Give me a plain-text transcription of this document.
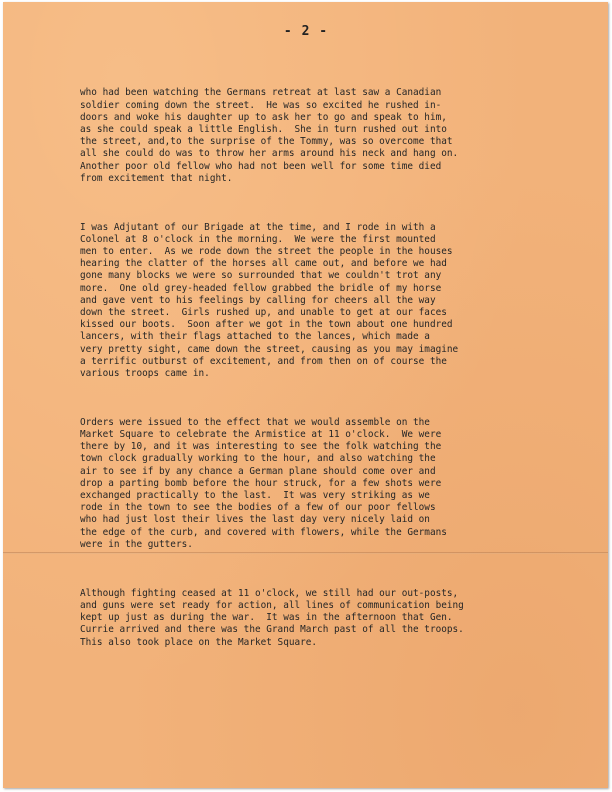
- 2 -

who had been watching the Germans retreat at last saw a Canadian
soldier coming down the street.  He was so excited he rushed in-
doors and woke his daughter up to ask her to go and speak to him,
as she could speak a little English.  She in turn rushed out into
the street, and,to the surprise of the Tommy, was so overcome that
all she could do was to throw her arms around his neck and hang on.
Another poor old fellow who had not been well for some time died
from excitement that night.

I was Adjutant of our Brigade at the time, and I rode in with a
Colonel at 8 o'clock in the morning.  We were the first mounted
men to enter.  As we rode down the street the people in the houses
hearing the clatter of the horses all came out, and before we had
gone many blocks we were so surrounded that we couldn't trot any
more.  One old grey-headed fellow grabbed the bridle of my horse
and gave vent to his feelings by calling for cheers all the way
down the street.  Girls rushed up, and unable to get at our faces
kissed our boots.  Soon after we got in the town about one hundred
lancers, with their flags attached to the lances, which made a
very pretty sight, came down the street, causing as you may imagine
a terrific outburst of excitement, and from then on of course the
various troops came in.

Orders were issued to the effect that we would assemble on the
Market Square to celebrate the Armistice at 11 o'clock.  We were
there by 10, and it was interesting to see the folk watching the
town clock gradually working to the hour, and also watching the
air to see if by any chance a German plane should come over and
drop a parting bomb before the hour struck, for a few shots were
exchanged practically to the last.  It was very striking as we
rode in the town to see the bodies of a few of our poor fellows
who had just lost their lives the last day very nicely laid on
the edge of the curb, and covered with flowers, while the Germans
were in the gutters.

Although fighting ceased at 11 o'clock, we still had our out-posts,
and guns were set ready for action, all lines of communication being
kept up just as during the war.  It was in the afternoon that Gen.
Currie arrived and there was the Grand March past of all the troops.
This also took place on the Market Square.
